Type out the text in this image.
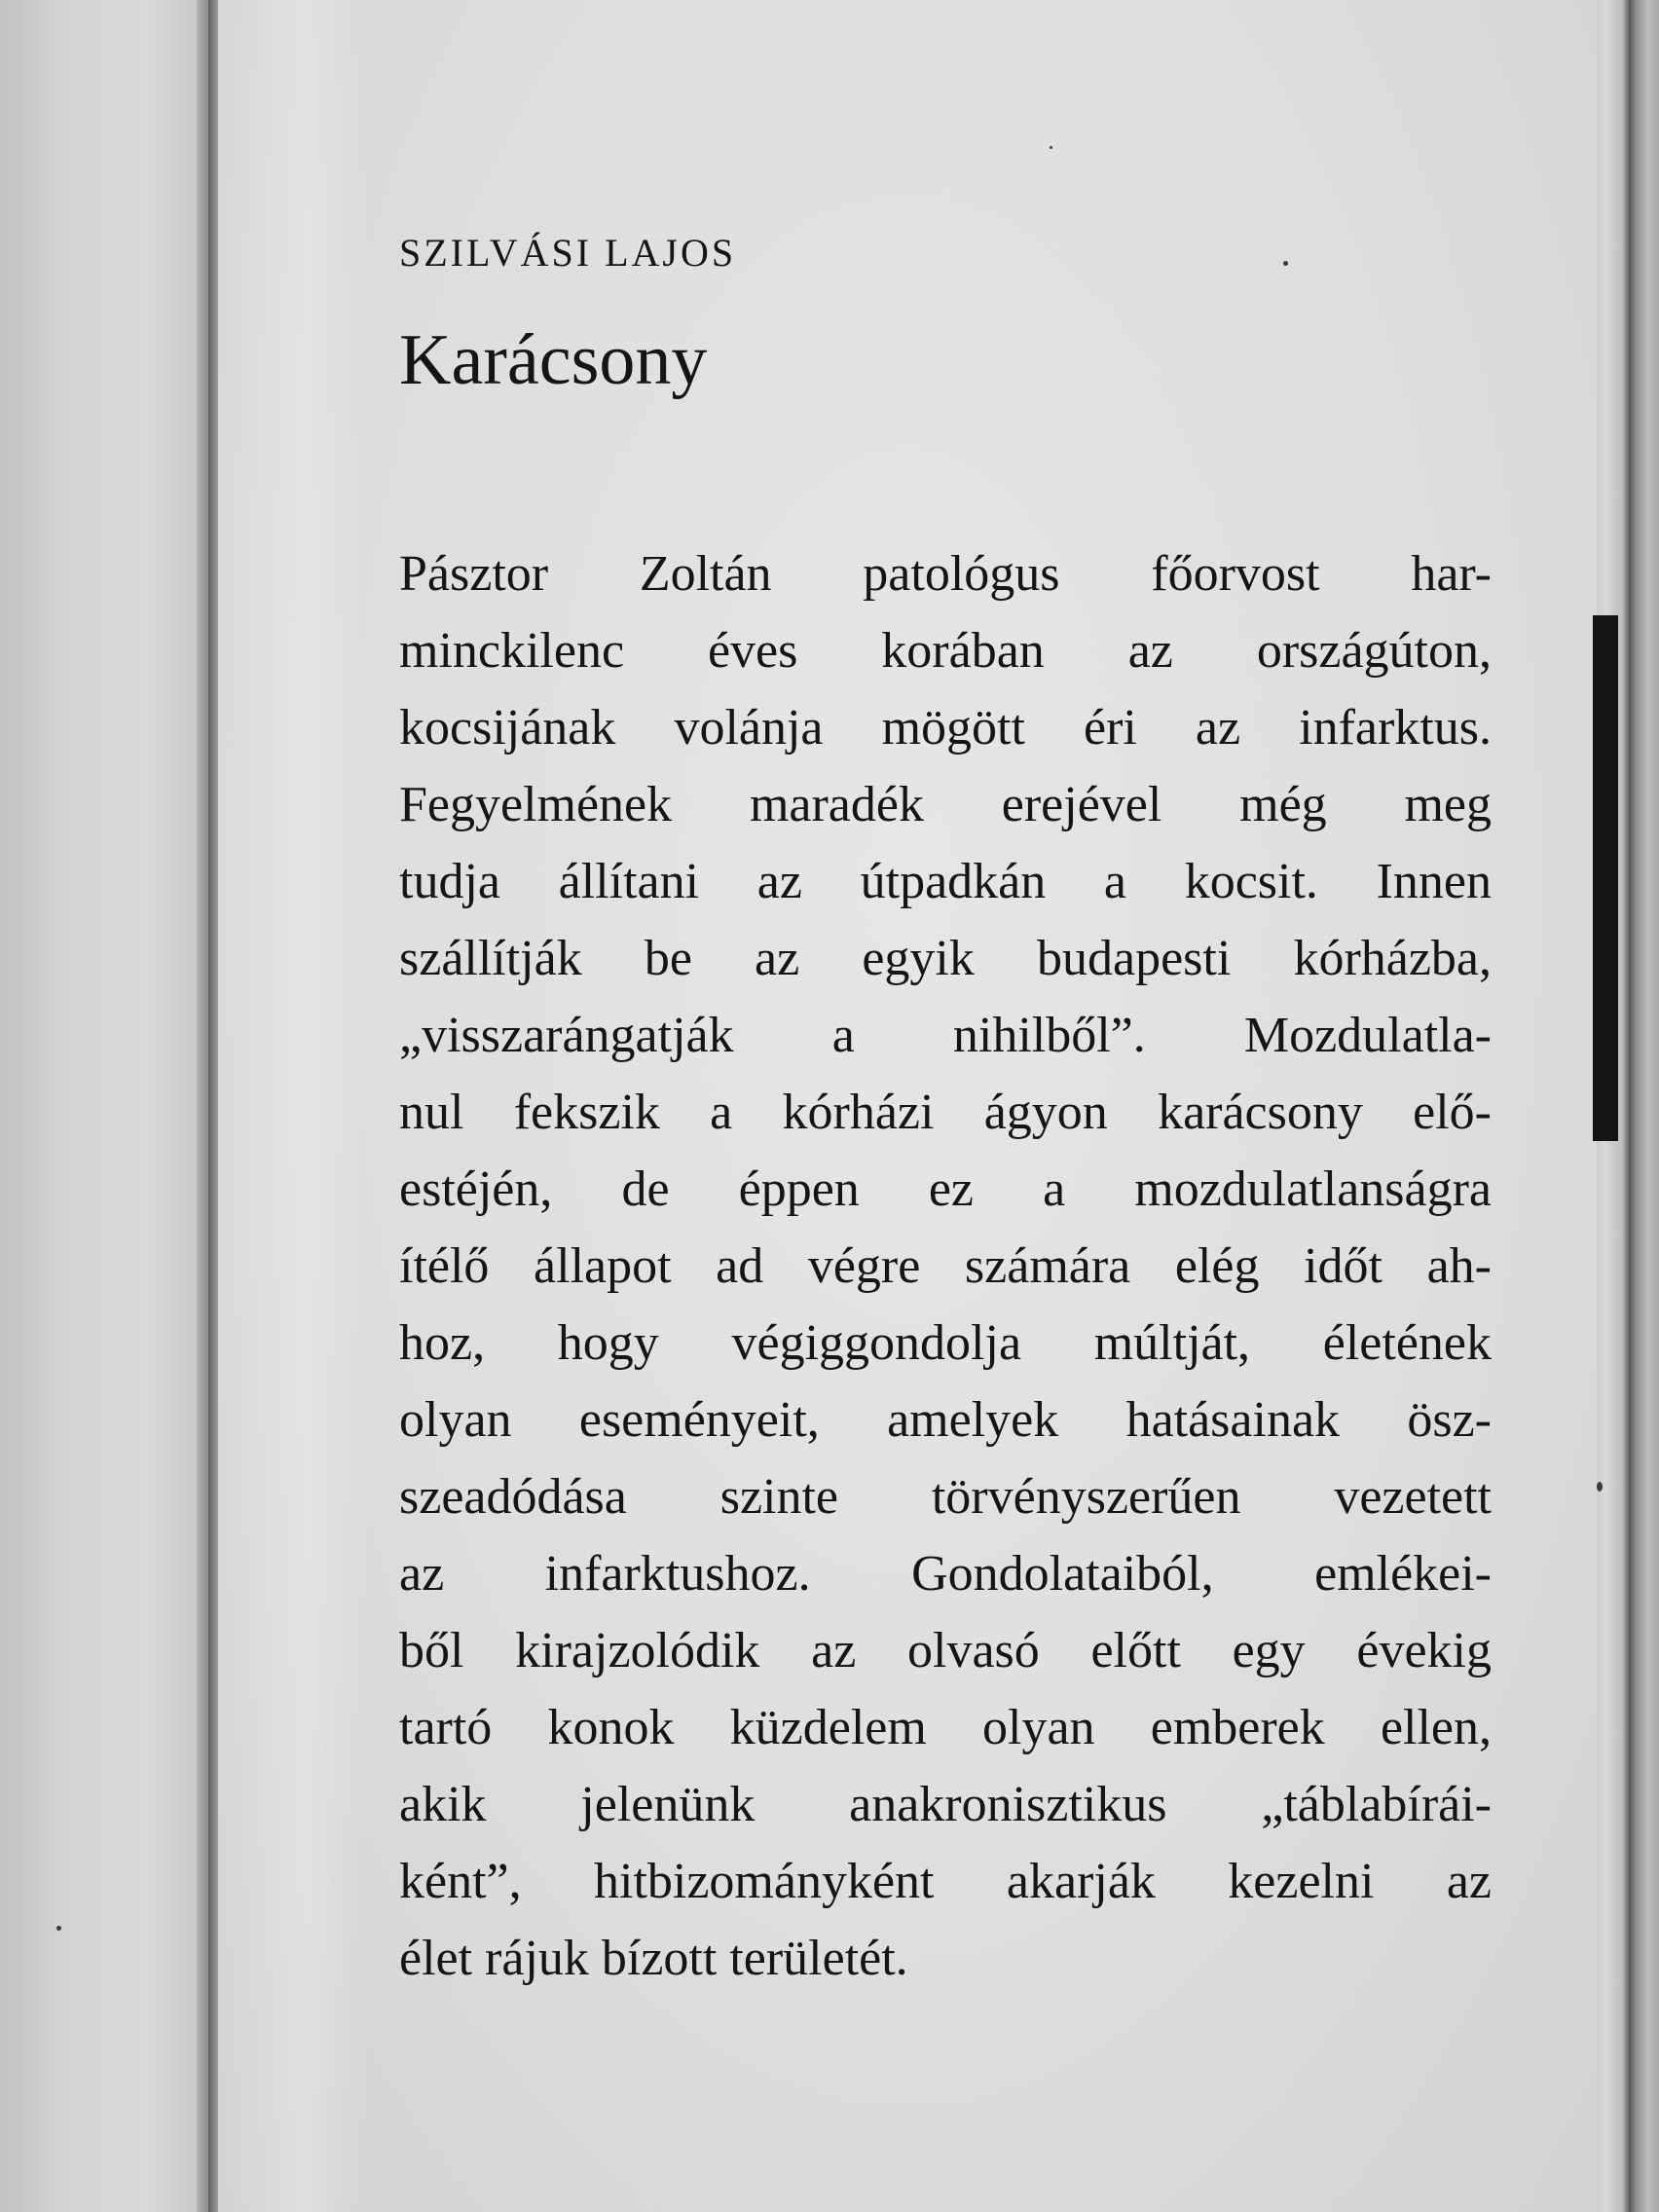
SZILVÁSI LAJOS

Karácsony
Pásztor Zoltán patológus főorvost har-
minckilenc éves korában az országúton,
kocsijának volánja mögött éri az infarktus.
Fegyelmének maradék erejével még meg
tudja állítani az útpadkán a kocsit. Innen
szállítják be az egyik budapesti kórházba,
„visszarángatják a nihilből”. Mozdulatla-
nul fekszik a kórházi ágyon karácsony elő-
estéjén, de éppen ez a mozdulatlanságra
ítélő állapot ad végre számára elég időt ah-
hoz, hogy végiggondolja múltját, életének
olyan eseményeit, amelyek hatásainak ösz-
szeadódása szinte törvényszerűen vezetett
az infarktushoz. Gondolataiból, emlékei-
ből kirajzolódik az olvasó előtt egy évekig
tartó konok küzdelem olyan emberek ellen,
akik jelenünk anakronisztikus „táblabírái-
ként”, hitbizományként akarják kezelni az
élet rájuk bízott területét.
